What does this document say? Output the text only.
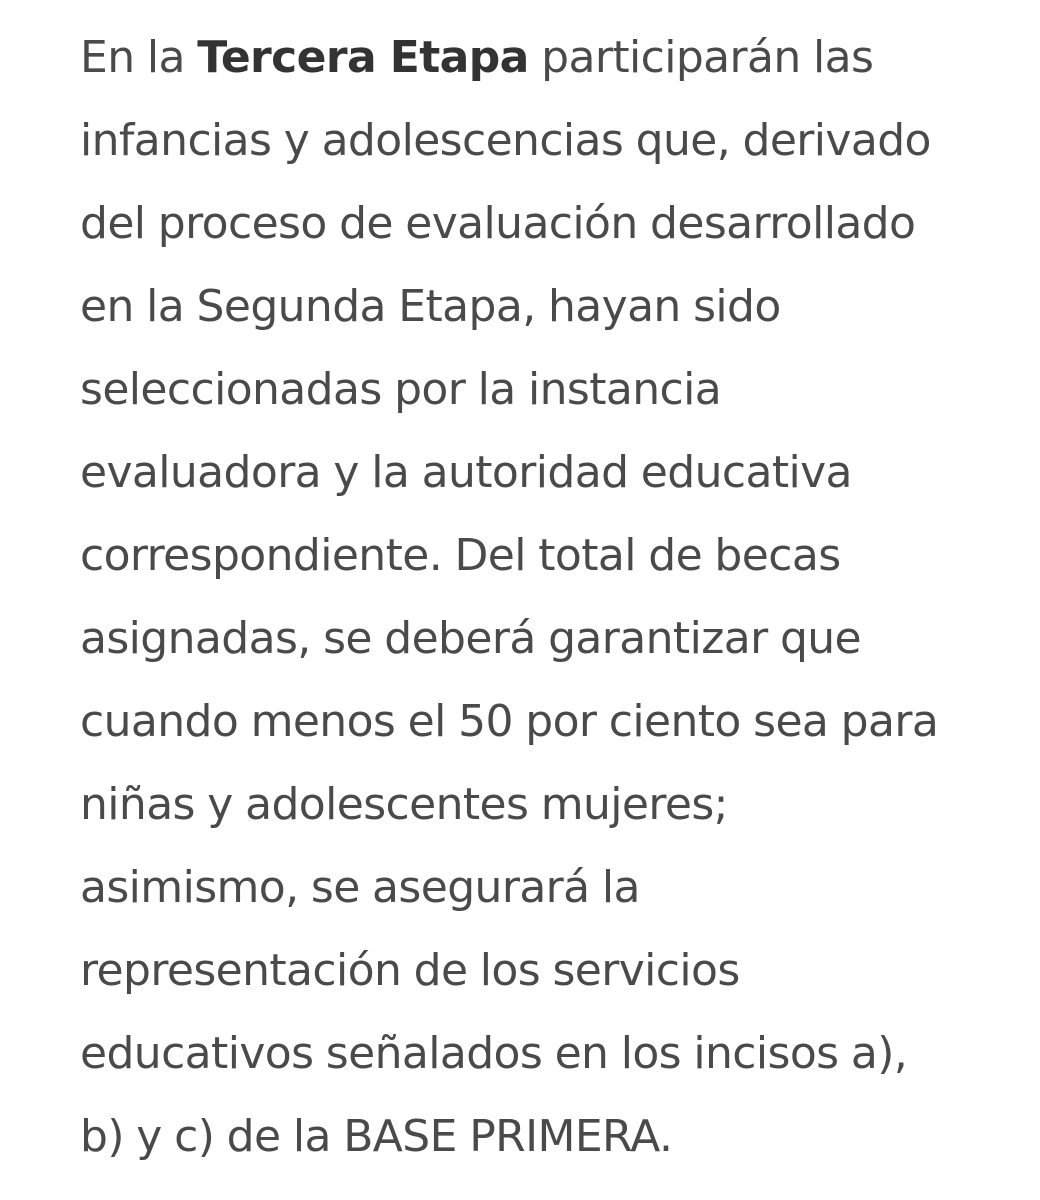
En la Tercera Etapa participarán las
infancias y adolescencias que, derivado
del proceso de evaluación desarrollado
en la Segunda Etapa, hayan sido
seleccionadas por la instancia
evaluadora y la autoridad educativa
correspondiente. Del total de becas
asignadas, se deberá garantizar que
cuando menos el 50 por ciento sea para
niñas y adolescentes mujeres;
asimismo, se asegurará la
representación de los servicios
educativos señalados en los incisos a),
b) y c) de la BASE PRIMERA.
